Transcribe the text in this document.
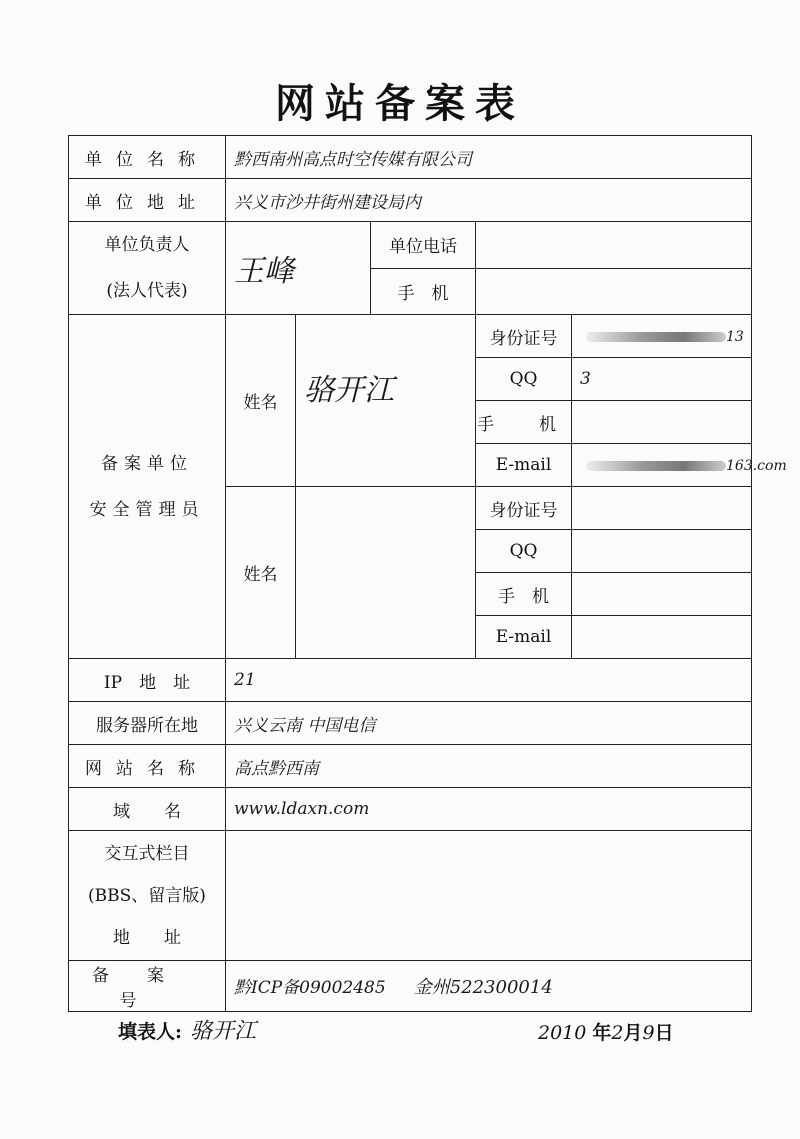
网站备案表
单位名称	黔西南州高点时空传媒有限公司				
单位地址	兴义市沙井街州建设局内				

单位负责人
(法人代表)	王峰		单位电话		
			手　机		

备案单位
安全管理员	姓名	骆开江		身份证号	13
				QQ	3
				手　机	
				E-mail	163.com
	姓名			身份证号	
				QQ	
				手　机	
				E-mail	
IP　地　址	21				
服务器所在地	兴义云南 中国电信				
网站名称	高点黔西南				
域　　名	www.ldaxn.com				

交互式栏目
(BBS、留言版)
地　　址					

备案号	黔ICP备09002485 金州522300014				
填表人: 骆开江	2010 年2月9日
